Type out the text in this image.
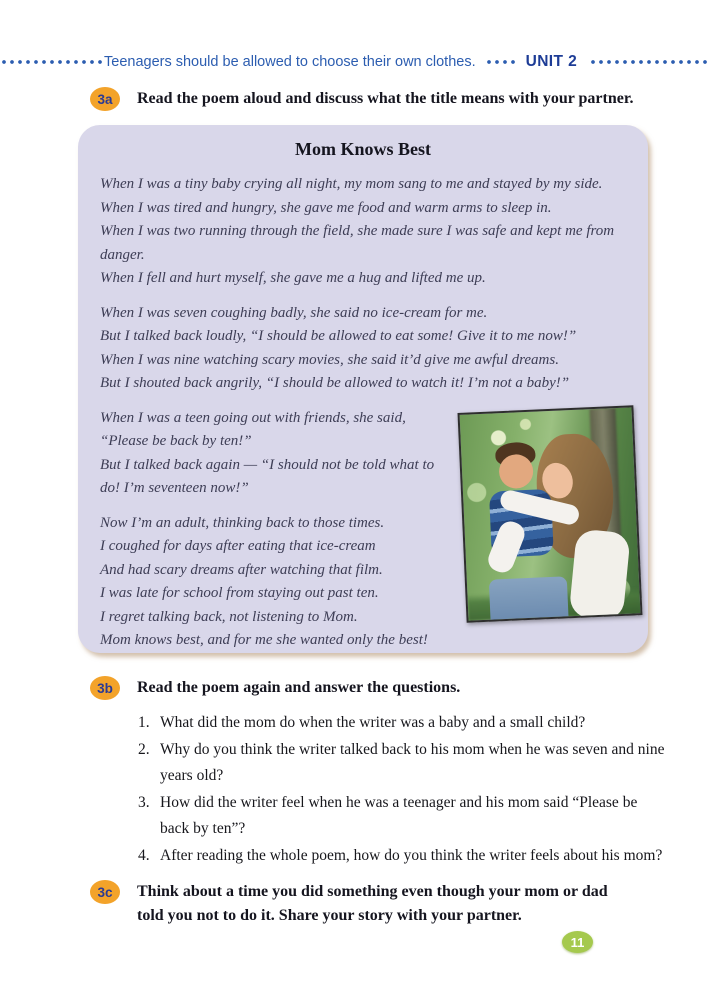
Teenagers should be allowed to choose their own clothes.	UNIT 2
3a	Read the poem aloud and discuss what the title means with your partner.
Mom Knows Best

When I was a tiny baby crying all night, my mom sang to me and stayed by my side.

When I was tired and hungry, she gave me food and warm arms to sleep in.

When I was two running through the field, she made sure I was safe and kept me from danger.

When I fell and hurt myself, she gave me a hug and lifted me up.

When I was seven coughing badly, she said no ice-cream for me.

But I talked back loudly, “I should be allowed to eat some! Give it to me now!”

When I was nine watching scary movies, she said it’d give me awful dreams.

But I shouted back angrily, “I should be allowed to watch it! I’m not a baby!”

When I was a teen going out with friends, she said, “Please be back by ten!”

But I talked back again — “I should not be told what to do! I’m seventeen now!”

Now I’m an adult, thinking back to those times.

I coughed for days after eating that ice-cream

And had scary dreams after watching that film.

I was late for school from staying out past ten.

I regret talking back, not listening to Mom.

Mom knows best, and for me she wanted only the best!

3b	Read the poem again and answer the questions.
1. What did the mom do when the writer was a baby and a small child?
2. Why do you think the writer talked back to his mom when he was seven and nine years old?
3. How did the writer feel when he was a teenager and his mom said “Please be back by ten”?
4. After reading the whole poem, how do you think the writer feels about his mom?
3c	Think about a time you did something even though your mom or dad told you not to do it. Share your story with your partner.
11
